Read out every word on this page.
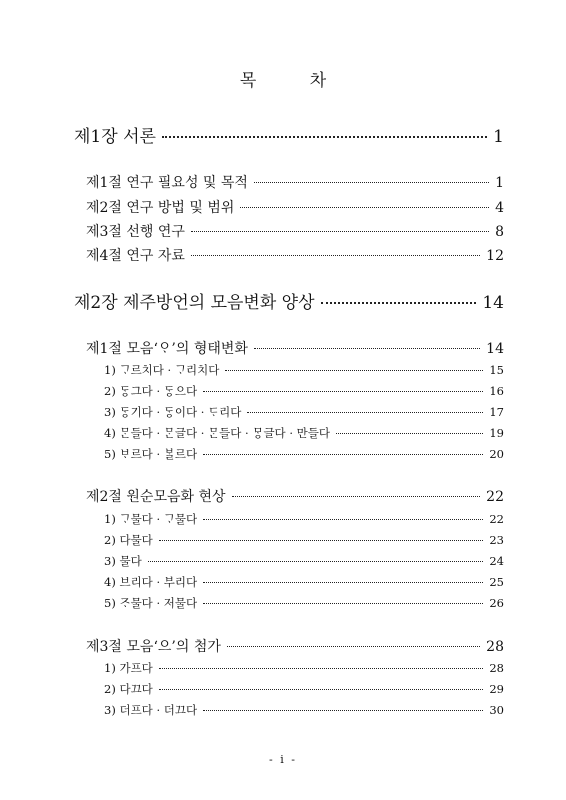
목 차
제1장 서론	1
제1절 연구 필요성 및 목적	1
제2절 연구 방법 및 범위	4
제3절 선행 연구	8
제4절 연구 자료	12
제2장 제주방언의 모음변화 양상	14
제1절 모음‘ᄋᆞ’의 형태변화	14
1) ᄀᆞ르치다 · ᄀᆞ리치다	15
2) ᄃᆞᆼ그다 · ᄃᆞᆼ으다	16
3) ᄃᆞᆼ기다 · ᄃᆞᆼ이다 · ᄃᆞ리다	17
4) ᄆᆞᆫ들다 · ᄆᆞᆫ글다 · ᄆᆞᆫ들다 · ᄆᆞᆼ글다 · 만들다	19
5) ᄇᆞ르다 · ᄇᆞᆯ르다	20
제2절 원순모음화 현상	22
1) ᄀᆞ물다 · ᄀᆞ물다	22
2) 다물다	23
3) 물다	24
4) 브리다 · 부리다	25
5) ᄌᆞ물다 · 저물다	26
제3절 모음‘으’의 첨가	28
1) 가프다	28
2) 다끄다	29
3) 더프다 · 더끄다	30
- i -
